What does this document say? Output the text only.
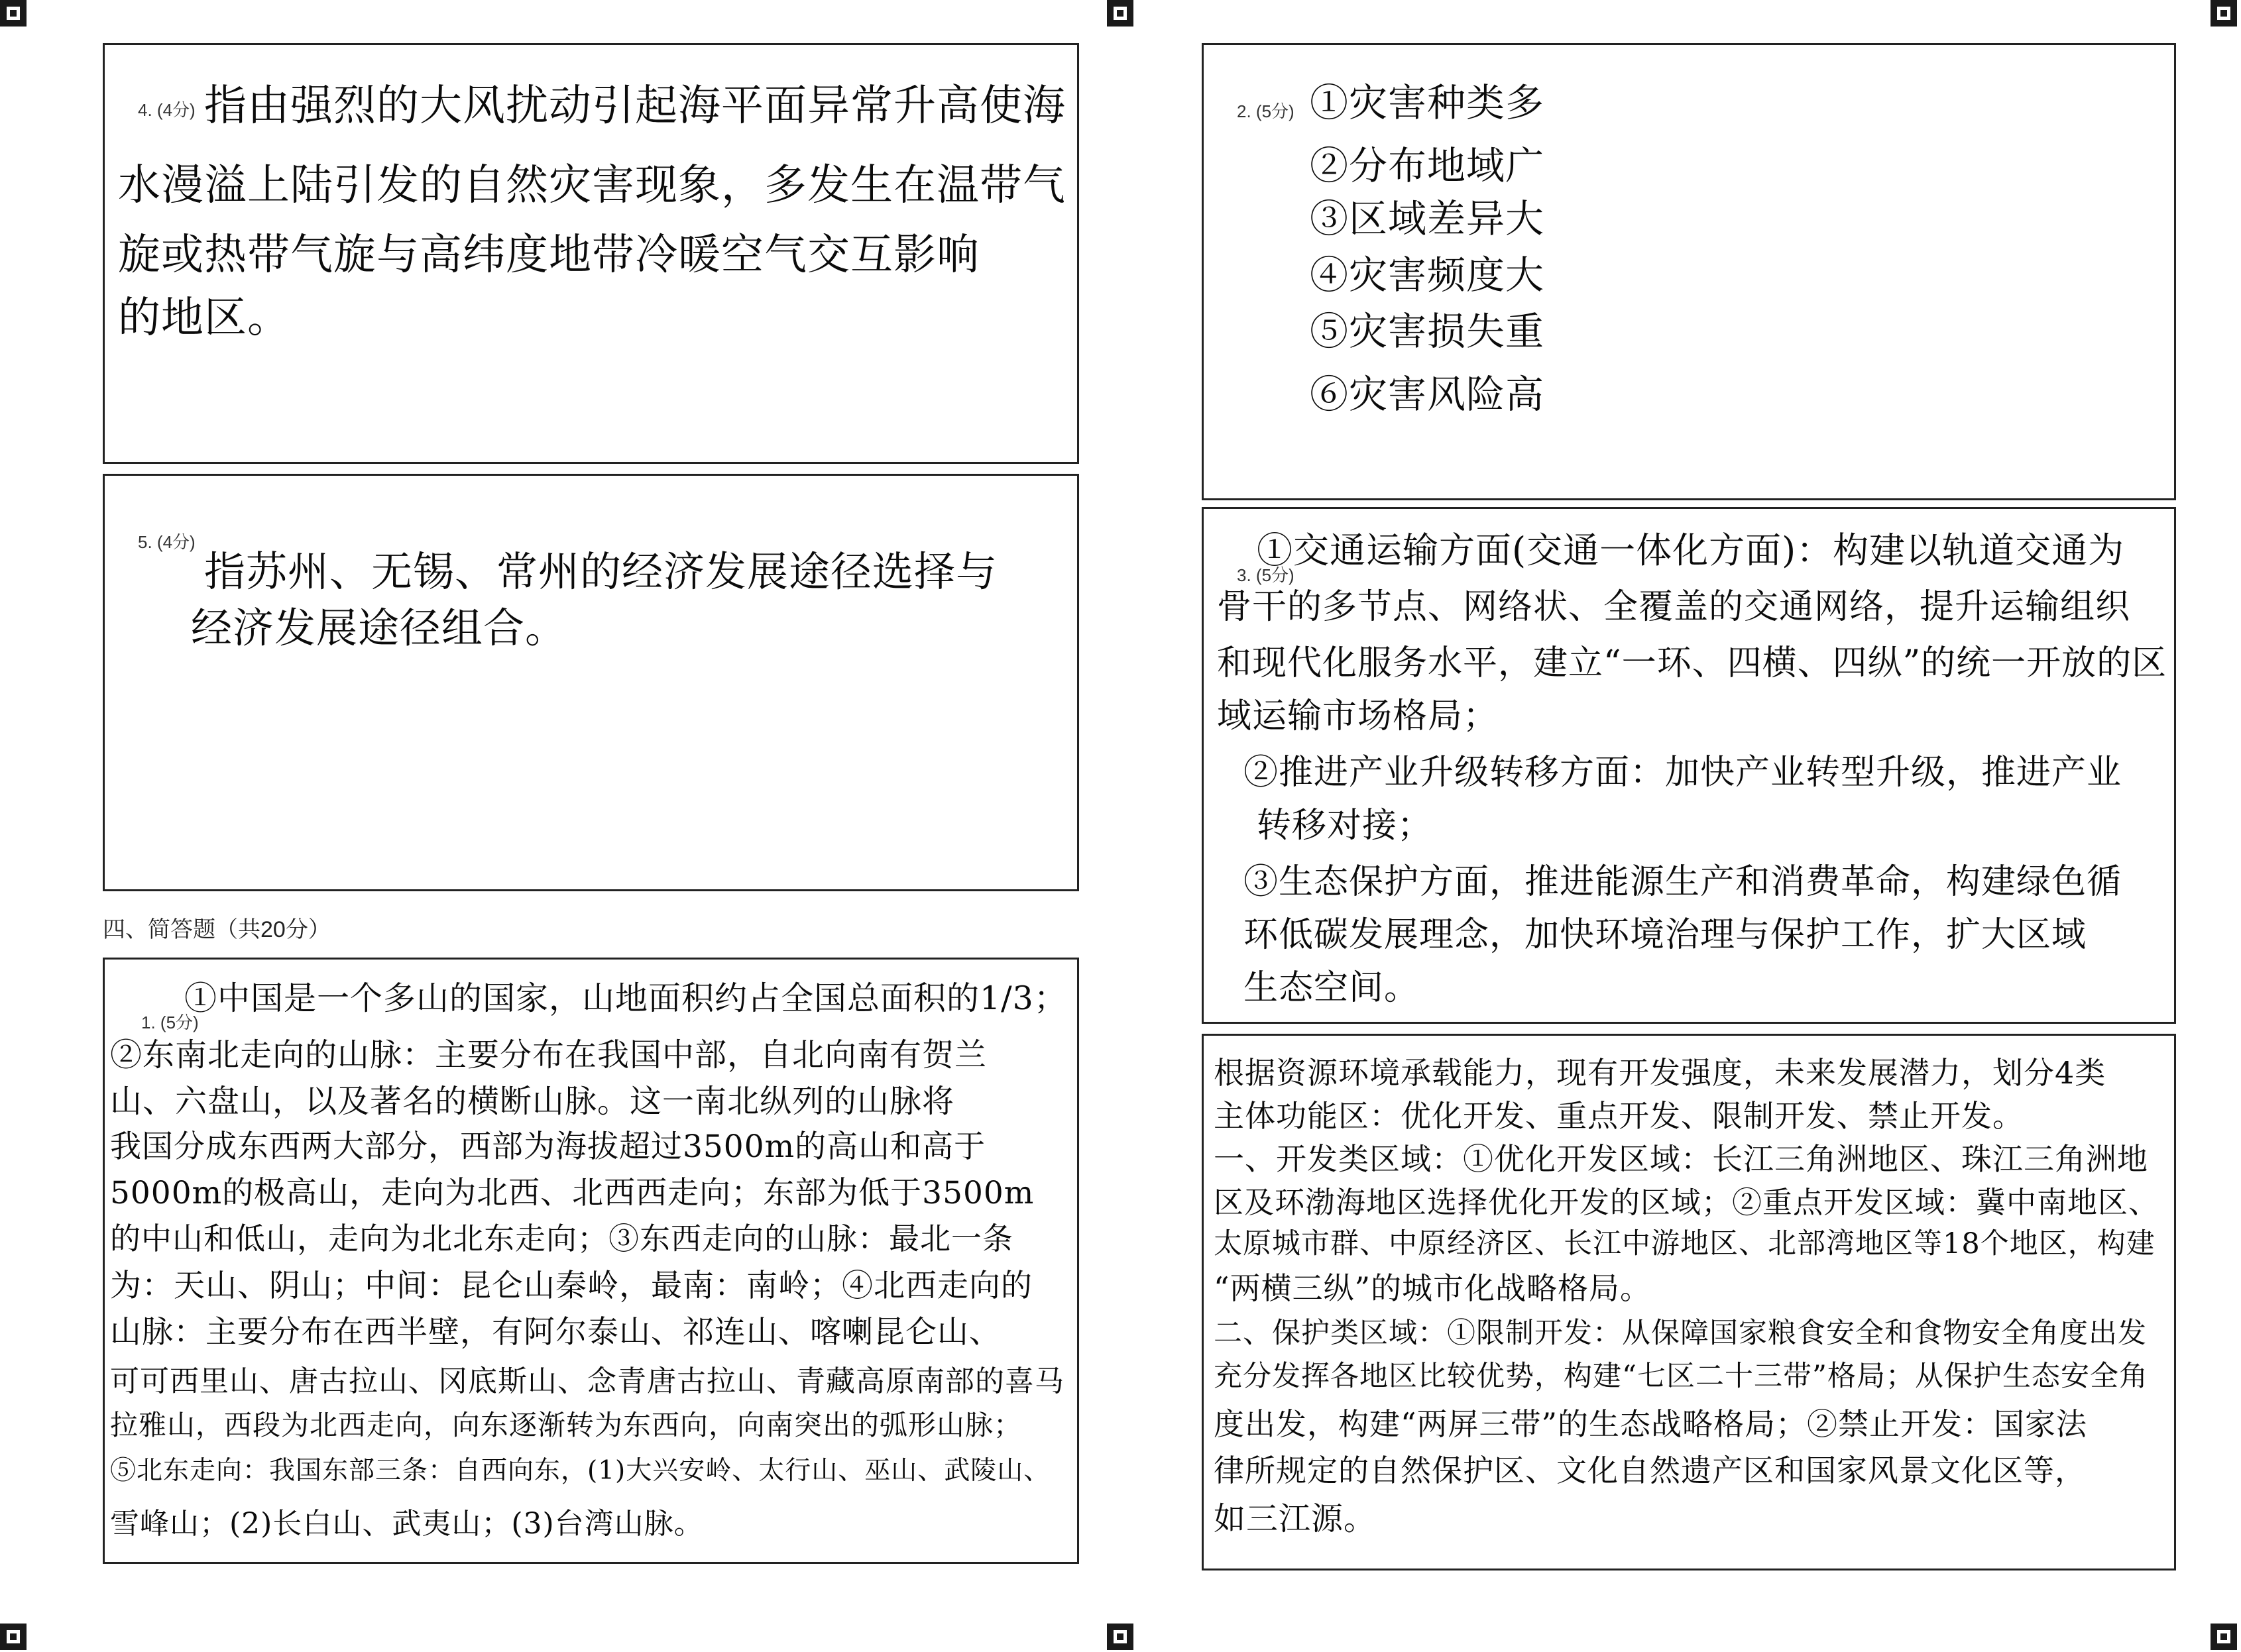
4. (4分) 指由强烈的大风扰动引起海平面异常升高使海
水漫溢上陆引发的自然灾害现象，多发生在温带气
旋或热带气旋与高纬度地带冷暖空气交互影响
的地区。
5. (4分)
指苏州、无锡、常州的经济发展途径选择与
经济发展途径组合。
四、简答题（共20分）
1. (5分)
①中国是一个多山的国家，山地面积约占全国总面积的1/3；
②东南北走向的山脉：主要分布在我国中部，自北向南有贺兰
山、六盘山，以及著名的横断山脉。这一南北纵列的山脉将
我国分成东西两大部分，西部为海拔超过3500m的高山和高于
5000m的极高山，走向为北西、北西西走向；东部为低于3500m
的中山和低山，走向为北北东走向；③东西走向的山脉：最北一条
为：天山、阴山；中间：昆仑山秦岭，最南：南岭；④北西走向的
山脉：主要分布在西半壁，有阿尔泰山、祁连山、喀喇昆仑山、
可可西里山、唐古拉山、冈底斯山、念青唐古拉山、青藏高原南部的喜马
拉雅山，西段为北西走向，向东逐渐转为东西向，向南突出的弧形山脉；
⑤北东走向：我国东部三条：自西向东，(1)大兴安岭、太行山、巫山、武陵山、
雪峰山；(2)长白山、武夷山；(3)台湾山脉。
2. (5分) ①灾害种类多
②分布地域广
③区域差异大
④灾害频度大
⑤灾害损失重
⑥灾害风险高
3. (5分)
①交通运输方面(交通一体化方面)：构建以轨道交通为
骨干的多节点、网络状、全覆盖的交通网络，提升运输组织
和现代化服务水平，建立“一环、四横、四纵”的统一开放的区
域运输市场格局；
②推进产业升级转移方面：加快产业转型升级，推进产业
转移对接；
③生态保护方面，推进能源生产和消费革命，构建绿色循
环低碳发展理念，加快环境治理与保护工作，扩大区域
生态空间。
根据资源环境承载能力，现有开发强度，未来发展潜力，划分4类
主体功能区：优化开发、重点开发、限制开发、禁止开发。
一、开发类区域：①优化开发区域：长江三角洲地区、珠江三角洲地
区及环渤海地区选择优化开发的区域；②重点开发区域：冀中南地区、
太原城市群、中原经济区、长江中游地区、北部湾地区等18个地区，构建
“两横三纵”的城市化战略格局。
二、保护类区域：①限制开发：从保障国家粮食安全和食物安全角度出发
充分发挥各地区比较优势，构建“七区二十三带”格局；从保护生态安全角
度出发，构建“两屏三带”的生态战略格局；②禁止开发：国家法
律所规定的自然保护区、文化自然遗产区和国家风景文化区等，
如三江源。
